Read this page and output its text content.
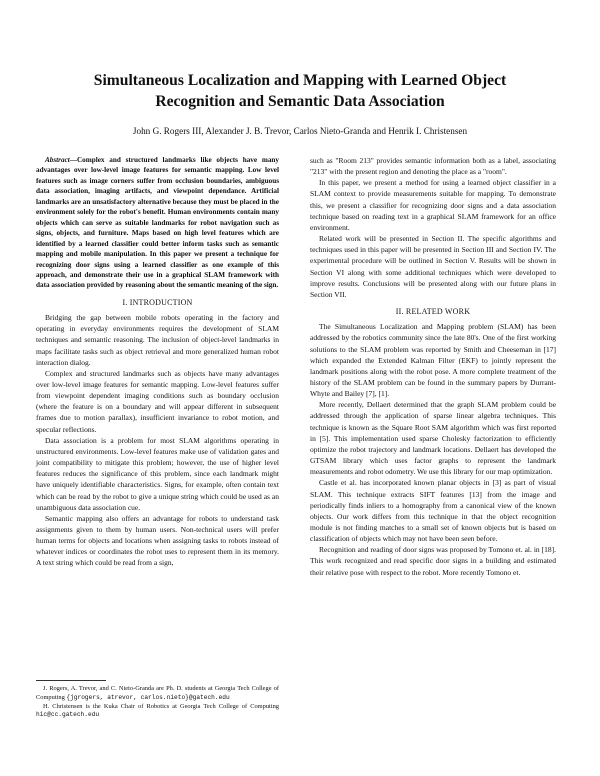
Simultaneous Localization and Mapping with Learned Object
Recognition and Semantic Data Association
John G. Rogers III, Alexander J. B. Trevor, Carlos Nieto-Granda and Henrik I. Christensen

Abstract—Complex and structured landmarks like objects have many advantages over low-level image features for semantic mapping. Low level features such as image corners suffer from occlusion boundaries, ambiguous data association, imaging artifacts, and viewpoint dependance. Artificial landmarks are an unsatisfactory alternative because they must be placed in the environment solely for the robot's benefit. Human environments contain many objects which can serve as suitable landmarks for robot navigation such as signs, objects, and furniture. Maps based on high level features which are identified by a learned classifier could better inform tasks such as semantic mapping and mobile manipulation. In this paper we present a technique for recognizing door signs using a learned classifier as one example of this approach, and demonstrate their use in a graphical SLAM framework with data association provided by reasoning about the semantic meaning of the sign.

I. INTRODUCTION

Bridging the gap between mobile robots operating in the factory and operating in everyday environments requires the development of SLAM techniques and semantic reasoning. The inclusion of object-level landmarks in maps facilitate tasks such as object retrieval and more generalized human robot interaction dialog.

Complex and structured landmarks such as objects have many advantages over low-level image features for semantic mapping. Low-level features suffer from viewpoint dependent imaging conditions such as boundary occlusion (where the feature is on a boundary and will appear different in subsequent frames due to motion parallax), insufficient invariance to robot motion, and specular reflections.

Data association is a problem for most SLAM algorithms operating in unstructured environments. Low-level features make use of validation gates and joint compatibility to mitigate this problem; however, the use of higher level features reduces the significance of this problem, since each landmark might have uniquely identifiable characteristics. Signs, for example, often contain text which can be read by the robot to give a unique string which could be used as an unambiguous data association cue.

Semantic mapping also offers an advantage for robots to understand task assignments given to them by human users. Non-technical users will prefer human terms for objects and locations when assigning tasks to robots instead of whatever indices or coordinates the robot uses to represent them in its memory. A text string which could be read from a sign,

J. Rogers, A. Trevor, and C. Nieto-Granda are Ph. D. students at Georgia Tech College of Computing {jgrogers, atrevor, carlos.nieto}@gatech.edu

H. Christensen is the Kuka Chair of Robotics at Georgia Tech College of Computing hic@cc.gatech.edu

such as "Room 213" provides semantic information both as a label, associating "213" with the present region and denoting the place as a "room".

In this paper, we present a method for using a learned object classifier in a SLAM context to provide measurements suitable for mapping. To demonstrate this, we present a classifier for recognizing door signs and a data association technique based on reading text in a graphical SLAM framework for an office environment.

Related work will be presented in Section II. The specific algorithms and techniques used in this paper will be presented in Section III and Section IV. The experimental procedure will be outlined in Section V. Results will be shown in Section VI along with some additional techniques which were developed to improve results. Conclusions will be presented along with our future plans in Section VII.

II. RELATED WORK

The Simultaneous Localization and Mapping problem (SLAM) has been addressed by the robotics community since the late 80's. One of the first working solutions to the SLAM problem was reported by Smith and Cheeseman in [17] which expanded the Extended Kalman Filter (EKF) to jointly represent the landmark positions along with the robot pose. A more complete treatment of the history of the SLAM problem can be found in the summary papers by Durrant-Whyte and Bailey [7], [1].

More recently, Dellaert determined that the graph SLAM problem could be addressed through the application of sparse linear algebra techniques. This technique is known as the Square Root SAM algorithm which was first reported in [5]. This implementation used sparse Cholesky factorization to efficiently optimize the robot trajectory and landmark locations. Dellaert has developed the GTSAM library which uses factor graphs to represent the landmark measurements and robot odometry. We use this library for our map optimization.

Castle et al. has incorporated known planar objects in [3] as part of visual SLAM. This technique extracts SIFT features [13] from the image and periodically finds inliers to a homography from a canonical view of the known objects. Our work differs from this technique in that the object recognition module is not finding matches to a small set of known objects but is based on classification of objects which may not have been seen before.

Recognition and reading of door signs was proposed by Tomono et. al. in [18]. This work recognized and read specific door signs in a building and estimated their relative pose with respect to the robot. More recently Tomono et.
